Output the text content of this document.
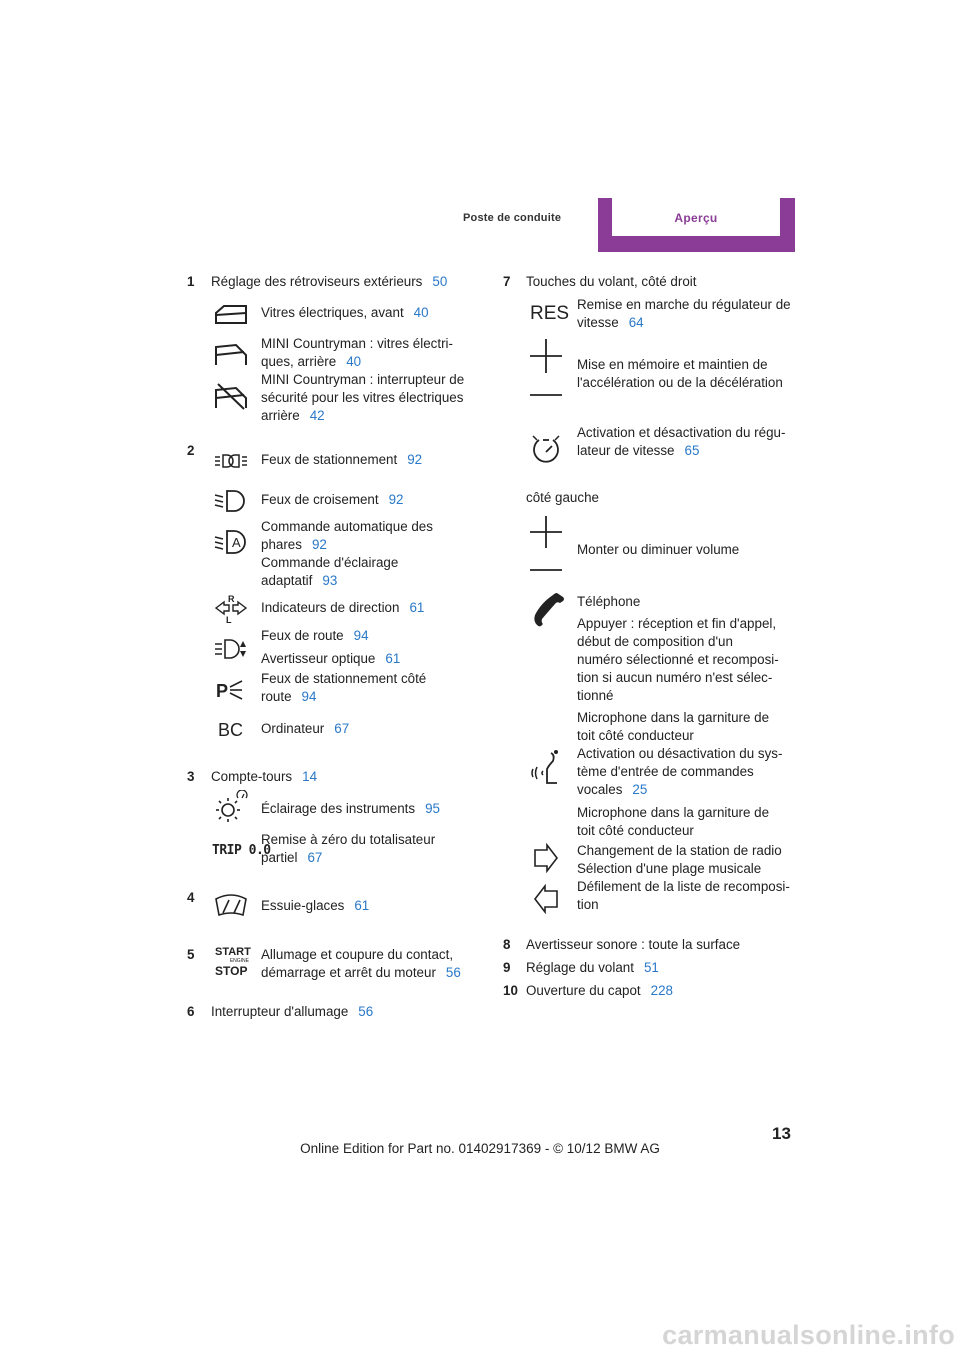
Poste de conduite	Aperçu
1 Réglage des rétroviseurs extérieurs 50
Vitres électriques, avant 40
MINI Countryman : vitres électri-
ques, arrière 40
MINI Countryman : interrupteur de
sécurité pour les vitres électriques
arrière 42
2
Feux de stationnement 92
Feux de croisement 92
A
Commande automatique des
phares 92
Commande d'éclairage
adaptatif 93
R
L
Indicateurs de direction 61
Feux de route 94
Avertisseur optique 61
P
Feux de stationnement côté
route 94
BC Ordinateur 67
3 Compte-tours 14
Éclairage des instruments 95
TRIP 0.0
Remise à zéro du totalisateur
partiel 67
4
Essuie-glaces 61
5 START
ENGINE
STOP
Allumage et coupure du contact,
démarrage et arrêt du moteur 56
6 Interrupteur d'allumage 56
7 Touches du volant, côté droit
RES Remise en marche du régulateur de
vitesse 64
Mise en mémoire et maintien de
l'accélération ou de la décélération
Activation et désactivation du régu-
lateur de vitesse 65
côté gauche
Monter ou diminuer volume
Téléphone
Appuyer : réception et fin d'appel,
début de composition d'un
numéro sélectionné et recomposi-
tion si aucun numéro n'est sélec-
tionné
Microphone dans la garniture de
toit côté conducteur
Activation ou désactivation du sys-
tème d'entrée de commandes
vocales 25
Microphone dans la garniture de
toit côté conducteur
Changement de la station de radio
Sélection d'une plage musicale
Défilement de la liste de recomposi-
tion
8 Avertisseur sonore : toute la surface
9 Réglage du volant 51
10 Ouverture du capot 228
13
Online Edition for Part no. 01402917369 - © 10/12 BMW AG
carmanualsonline.info
